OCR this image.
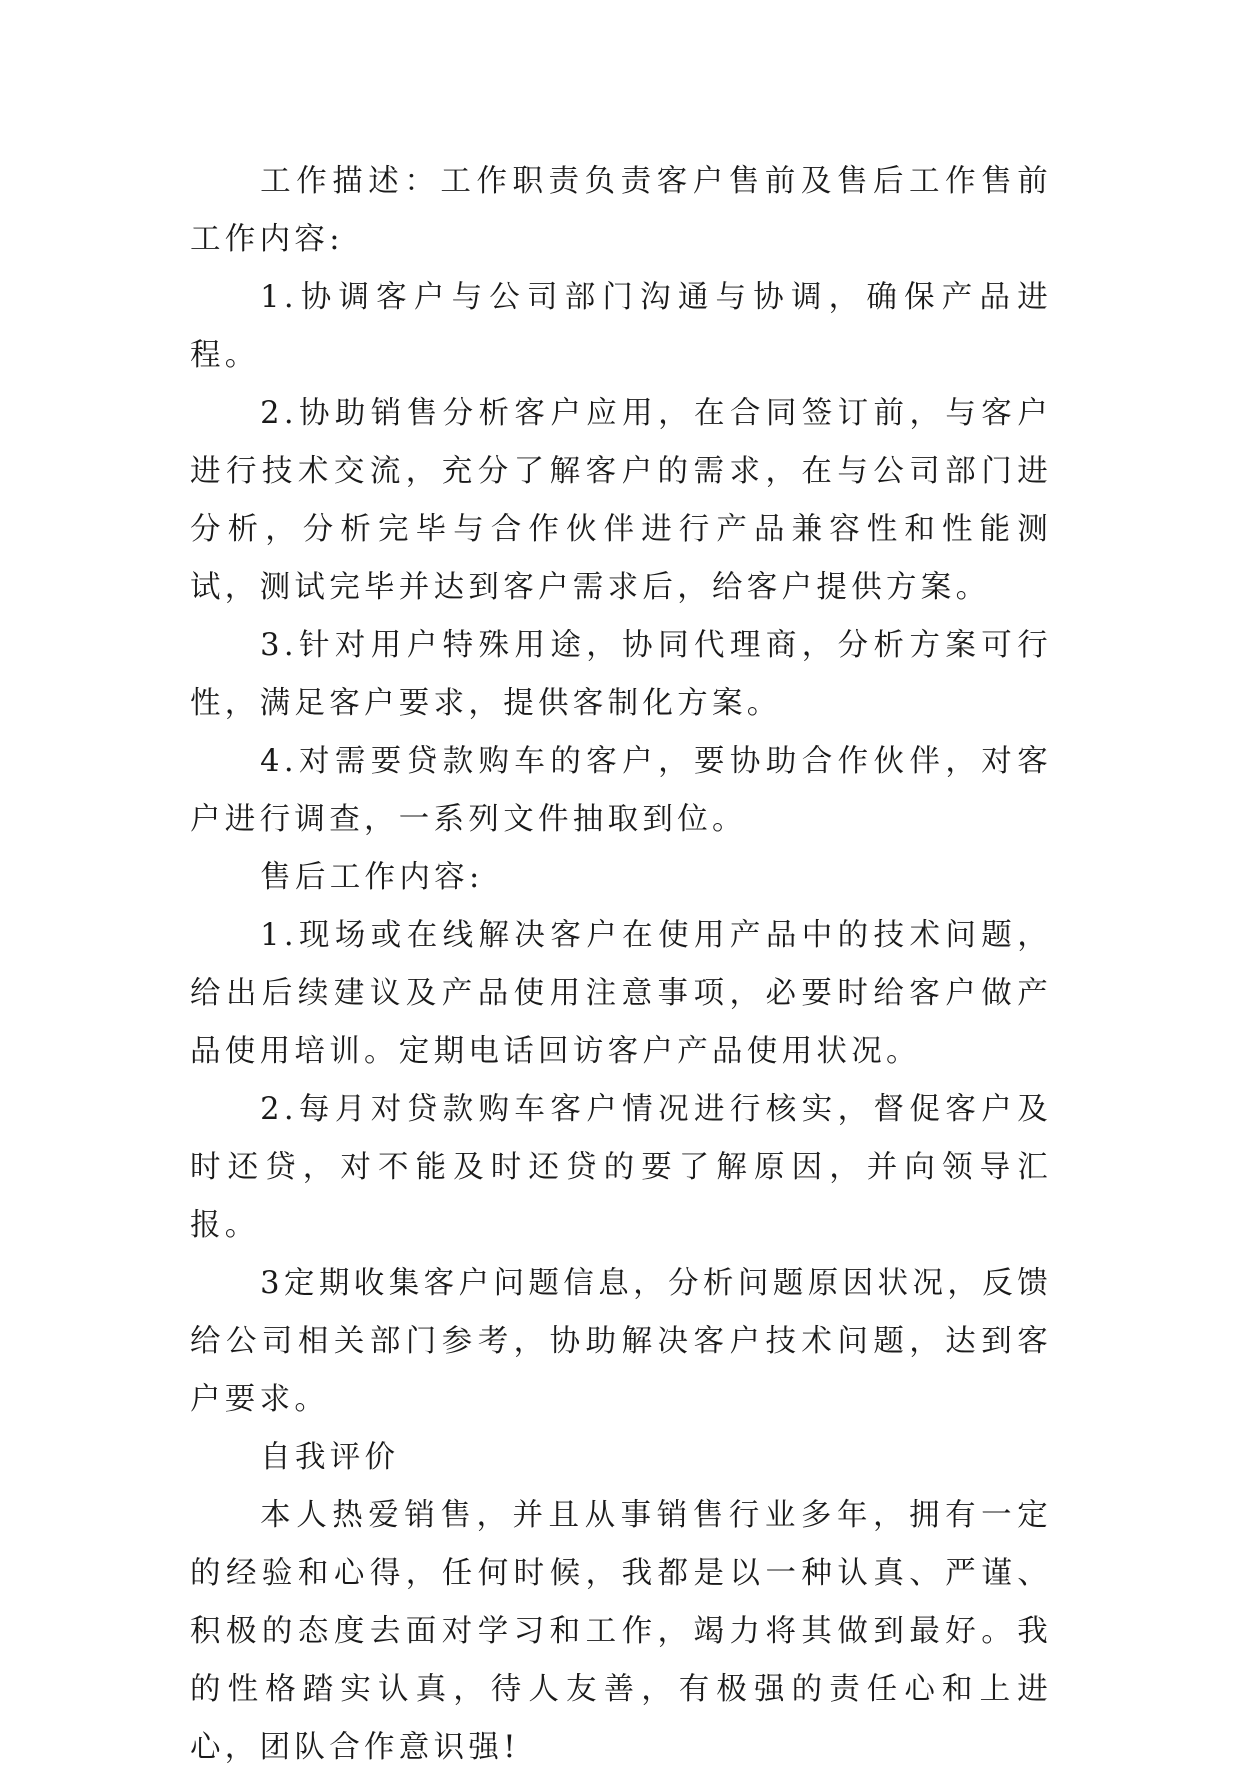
工作描述：工作职责负责客户售前及售后工作售前工作内容:

1.协调客户与公司部门沟通与协调，确保产品进程。

2.协助销售分析客户应用，在合同签订前，与客户进行技术交流，充分了解客户的需求，在与公司部门进分析，分析完毕与合作伙伴进行产品兼容性和性能测试，测试完毕并达到客户需求后，给客户提供方案。

3.针对用户特殊用途，协同代理商，分析方案可行性，满足客户要求，提供客制化方案。

4.对需要贷款购车的客户，要协助合作伙伴，对客户进行调查，一系列文件抽取到位。

售后工作内容:

1.现场或在线解决客户在使用产品中的技术问题，给出后续建议及产品使用注意事项，必要时给客户做产品使用培训。定期电话回访客户产品使用状况。

2.每月对贷款购车客户情况进行核实，督促客户及时还贷，对不能及时还贷的要了解原因，并向领导汇报。

3定期收集客户问题信息，分析问题原因状况，反馈给公司相关部门参考，协助解决客户技术问题，达到客户要求。

自我评价

本人热爱销售，并且从事销售行业多年，拥有一定的经验和心得，任何时候，我都是以一种认真、严谨、积极的态度去面对学习和工作，竭力将其做到最好。我的性格踏实认真，待人友善，有极强的责任心和上进心，团队合作意识强!
